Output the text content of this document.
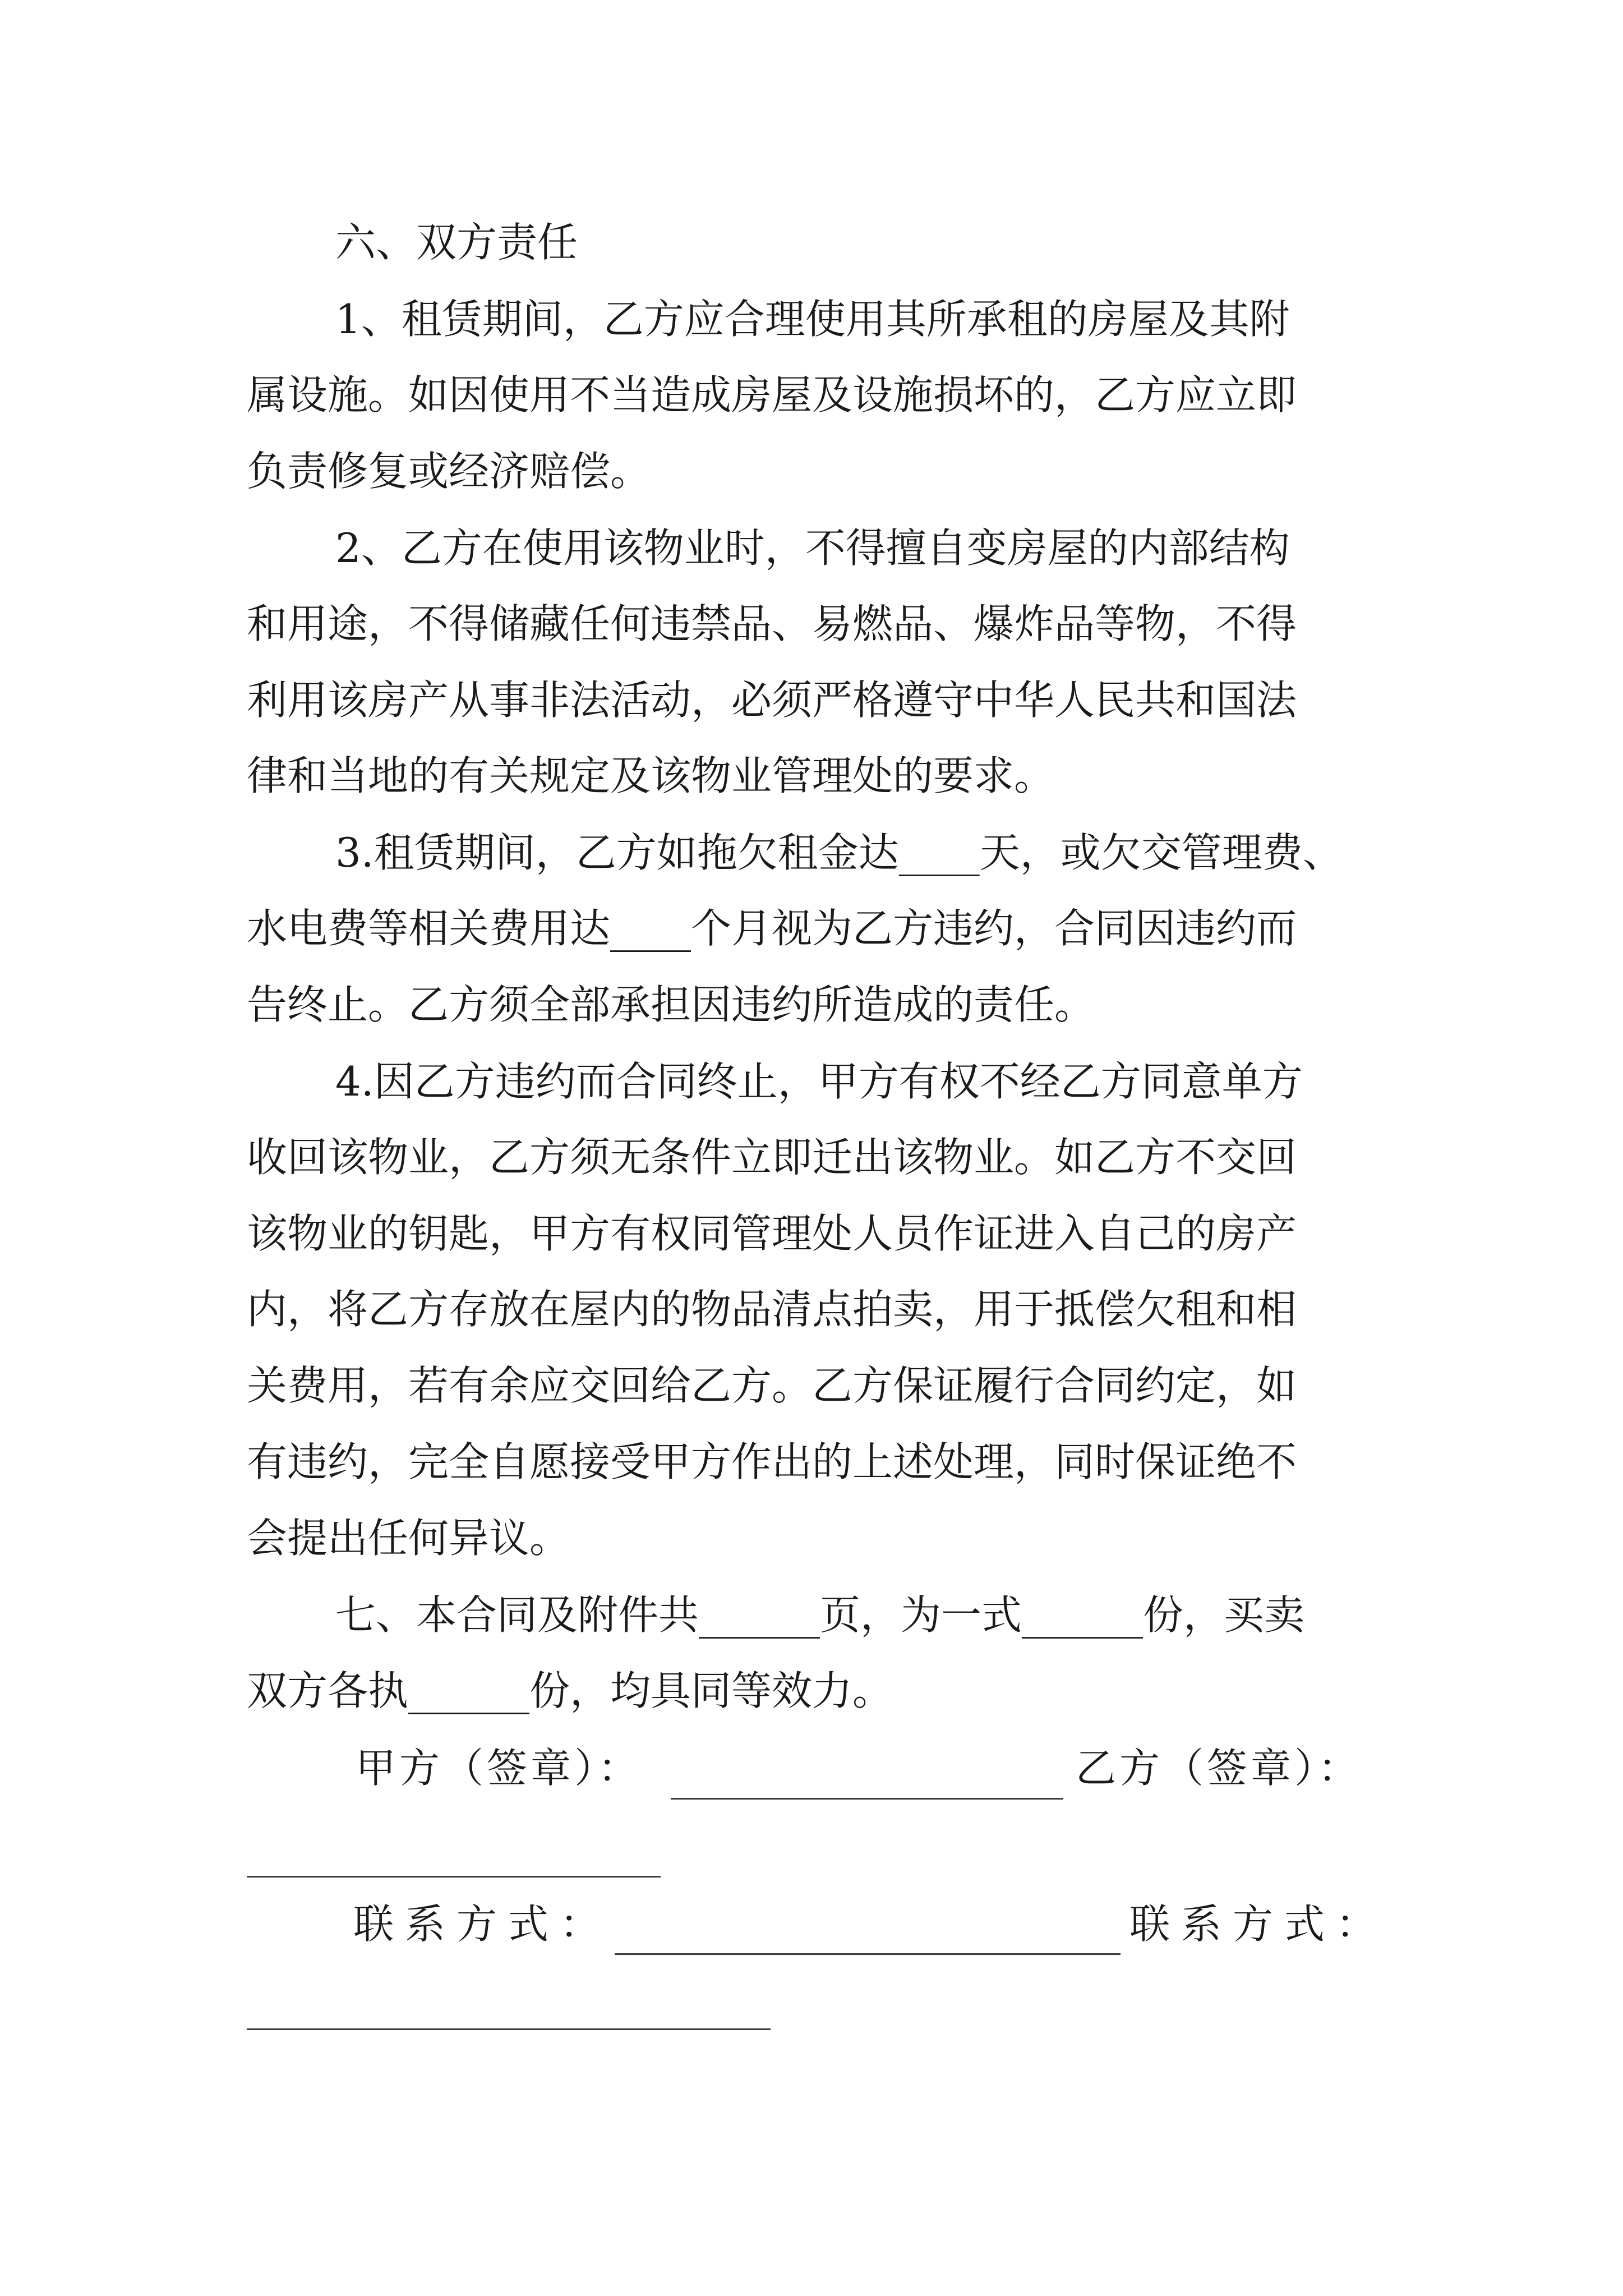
六、双方责任

1、租赁期间，乙方应合理使用其所承租的房屋及其附

属设施。如因使用不当造成房屋及设施损坏的，乙方应立即

负责修复或经济赔偿。

2、乙方在使用该物业时，不得擅自变房屋的内部结构

和用途，不得储藏任何违禁品、易燃品、爆炸品等物，不得

利用该房产从事非法活动，必须严格遵守中华人民共和国法

律和当地的有关规定及该物业管理处的要求。

3.租赁期间，乙方如拖欠租金达____天，或欠交管理费、

水电费等相关费用达____个月视为乙方违约，合同因违约而

告终止。乙方须全部承担因违约所造成的责任。

4.因乙方违约而合同终止，甲方有权不经乙方同意单方

收回该物业，乙方须无条件立即迁出该物业。如乙方不交回

该物业的钥匙，甲方有权同管理处人员作证进入自己的房产

内，将乙方存放在屋内的物品清点拍卖，用于抵偿欠租和相

关费用，若有余应交回给乙方。乙方保证履行合同约定，如

有违约，完全自愿接受甲方作出的上述处理，同时保证绝不

会提出任何异议。

七、本合同及附件共______页，为一式______份，买卖

双方各执______份，均具同等效力。

甲方（签章）：	乙方（签章）：

联系方式：	联系方式：
